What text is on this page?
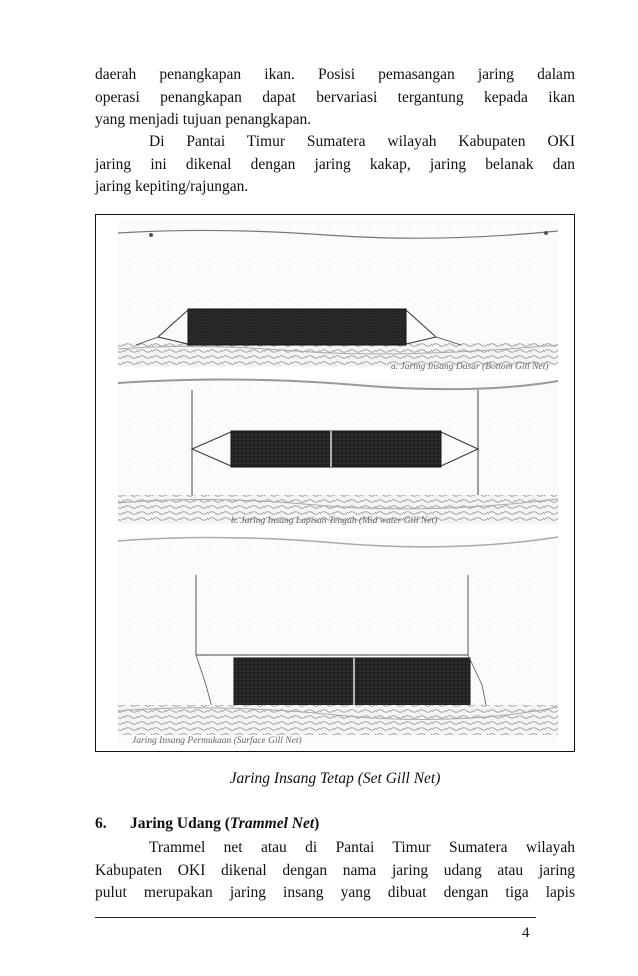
daerah penangkapan ikan. Posisi pemasangan jaring dalam
operasi penangkapan dapat bervariasi tergantung kepada ikan
yang menjadi tujuan penangkapan.
Di Pantai Timur Sumatera wilayah Kabupaten OKI
jaring ini dikenal dengan jaring kakap, jaring belanak dan
jaring kepiting/rajungan.
a. Jaring Insang Dasar (Bottom Gill Net)
b. Jaring Insang Lapisan Tengah (Mid water Gill Net)
Jaring Insang Permukaan (Surface Gill Net)
Jaring Insang Tetap (Set Gill Net)
6. Jaring Udang (Trammel Net)
Trammel net atau di Pantai Timur Sumatera wilayah
Kabupaten OKI dikenal dengan nama jaring udang atau jaring
pulut merupakan jaring insang yang dibuat dengan tiga lapis
4
